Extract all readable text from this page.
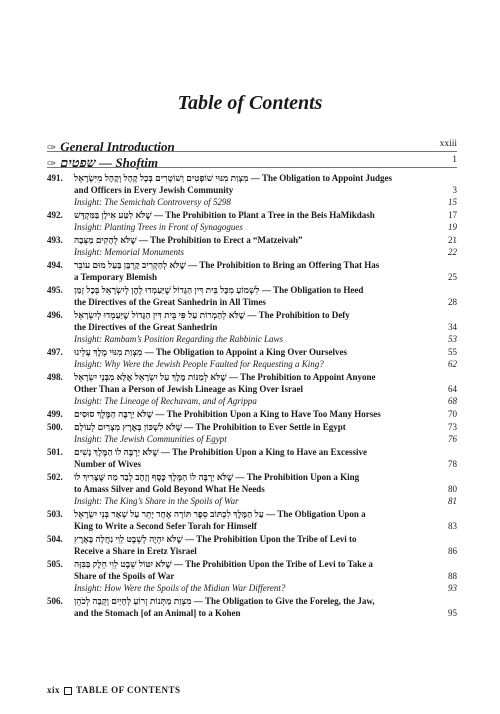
Table of Contents
✑ General Introduction	xxiii
✑ שפטים — Shoftim	1
491. מִצְוַת מִנּוּי שׁוֹפְטִים וְשׁוֹטְרִים בְּכָל קָהָל וְקָהָל מִיִּשְׂרָאֵל — The Obligation to Appoint Judges
and Officers in Every Jewish Community	3
Insight: The Semichah Controversy of 5298	15
492. שֶׁלֹּא לִטַּע אִילָן בַּמִּקְדָּשׁ — The Prohibition to Plant a Tree in the Beis HaMikdash	17
Insight: Planting Trees in Front of Synagogues	19
493. שֶׁלֹּא לְהָקִים מַצֵּבָה — The Prohibition to Erect a “Matzeivah”	21
Insight: Memorial Monuments	22
494. שֶׁלֹּא לְהַקְרִיב קָרְבָּן בַּעַל מוּם עוֹבֵר — The Prohibition to Bring an Offering That Has
a Temporary Blemish	25
495. לִשְׁמוֹעַ מִכָּל בֵּית דִּין הַגָּדוֹל שֶׁיַּעַמְדוּ לָהֶן לְיִשְׂרָאֵל בְּכָל זְמַן — The Obligation to Heed
the Directives of the Great Sanhedrin in All Times	28
496. שֶׁלֹּא לְהַמְרוֹת עַל פִּי בֵּית דִּין הַגָּדוֹל שֶׁיַּעַמְדוּ לְיִשְׂרָאֵל — The Prohibition to Defy
the Directives of the Great Sanhedrin	34
Insight: Rambam’s Position Regarding the Rabbinic Laws	53
497. מִצְוַת מִנּוּי מֶלֶךְ עָלֵינוּ — The Obligation to Appoint a King Over Ourselves	55
Insight: Why Were the Jewish People Faulted for Requesting a King?	62
498. שֶׁלֹּא לְמַנּוֹת מֶלֶךְ עַל יִשְׂרָאֵל אֶלָּא מִבְּנֵי יִשְׂרָאֵל — The Prohibition to Appoint Anyone
Other Than a Person of Jewish Lineage as King Over Israel	64
Insight: The Lineage of Rechavam, and of Agrippa	68
499. שֶׁלֹּא יַרְבֶּה הַמֶּלֶךְ סוּסִים — The Prohibition Upon a King to Have Too Many Horses	70
500. שֶׁלֹּא לִשְׁכּוֹן בְּאֶרֶץ מִצְרַיִם לְעוֹלָם — The Prohibition to Ever Settle in Egypt	73
Insight: The Jewish Communities of Egypt	76
501. שֶׁלֹּא יַרְבֶּה לוֹ הַמֶּלֶךְ נָשִׁים — The Prohibition Upon a King to Have an Excessive
Number of Wives	78
502. שֶׁלֹּא יַרְבֶּה לוֹ הַמֶּלֶךְ כֶּסֶף וְזָהָב לְבַד מַה שֶּׁצָּרִיךְ לוֹ — The Prohibition Upon a King
to Amass Silver and Gold Beyond What He Needs	80
Insight: The King’s Share in the Spoils of War	81
503. עַל הַמֶּלֶךְ לִכְתּוֹב סֵפֶר תּוֹרָה אֶחָד יָתֵר עַל שְׁאָר בְּנֵי יִשְׂרָאֵל — The Obligation Upon a
King to Write a Second Sefer Torah for Himself	83
504. שֶׁלֹּא יִהְיֶה לְשֵׁבֶט לֵוִי נַחֲלָה בָּאָרֶץ — The Prohibition Upon the Tribe of Levi to
Receive a Share in Eretz Yisrael	86
505. שֶׁלֹּא יִטּוֹל שֵׁבֶט לֵוִי חֵלֶק בַּבִּזָּה — The Prohibition Upon the Tribe of Levi to Take a
Share of the Spoils of War	88
Insight: How Were the Spoils of the Midian War Different?	93
506. מִצְוַת מַתְּנוֹת זְרוֹעַ לְחָיַיִם וְקֵבָה לְכֹהֵן — The Obligation to Give the Foreleg, the Jaw,
and the Stomach [of an Animal] to a Kohen	95
xix TABLE OF CONTENTS
